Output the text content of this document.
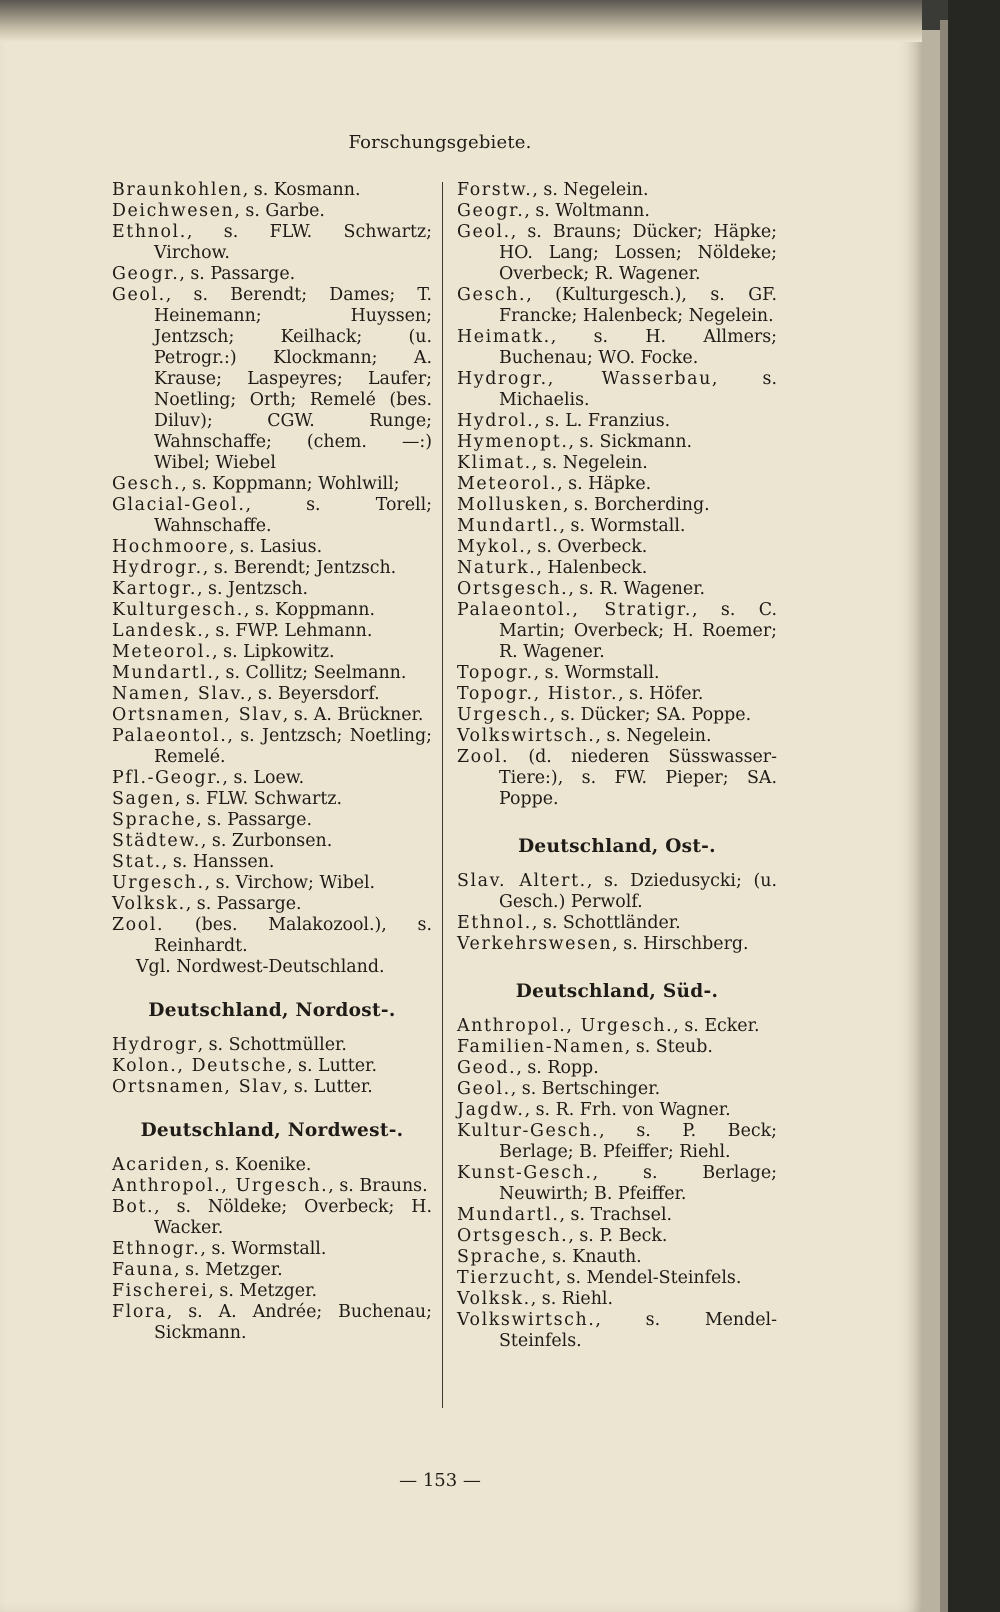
Forschungsgebiete.
Braunkohlen, s. Kosmann.
Deichwesen, s. Garbe.
Ethnol., s. FLW. Schwartz; Virchow.
Geogr., s. Passarge.
Geol., s. Berendt; Dames; T. Heinemann; Huyssen; Jentzsch; Keilhack; (u. Petrogr.:) Klockmann; A. Krause; Laspeyres; Laufer; Noetling; Orth; Remelé (bes. Diluv); CGW. Runge; Wahnschaffe; (chem. —:) Wibel; Wiebel
Gesch., s. Koppmann; Wohlwill;
Glacial-Geol., s. Torell; Wahnschaffe.
Hochmoore, s. Lasius.
Hydrogr., s. Berendt; Jentzsch.
Kartogr., s. Jentzsch.
Kulturgesch., s. Koppmann.
Landesk., s. FWP. Lehmann.
Meteorol., s. Lipkowitz.
Mundartl., s. Collitz; Seelmann.
Namen, Slav., s. Beyersdorf.
Ortsnamen, Slav, s. A. Brückner.
Palaeontol., s. Jentzsch; Noetling; Remelé.
Pfl.-Geogr., s. Loew.
Sagen, s. FLW. Schwartz.
Sprache, s. Passarge.
Städtew., s. Zurbonsen.
Stat., s. Hanssen.
Urgesch., s. Virchow; Wibel.
Volksk., s. Passarge.
Zool. (bes. Malakozool.), s. Reinhardt.
Vgl. Nordwest-Deutschland.
Deutschland, Nordost-.
Hydrogr, s. Schottmüller.
Kolon., Deutsche, s. Lutter.
Ortsnamen, Slav, s. Lutter.
Deutschland, Nordwest-.
Acariden, s. Koenike.
Anthropol., Urgesch., s. Brauns.
Bot., s. Nöldeke; Overbeck; H. Wacker.
Ethnogr., s. Wormstall.
Fauna, s. Metzger.
Fischerei, s. Metzger.
Flora, s. A. Andrée; Buchenau; Sickmann.
Forstw., s. Negelein.
Geogr., s. Woltmann.
Geol., s. Brauns; Dücker; Häpke; HO. Lang; Lossen; Nöldeke; Overbeck; R. Wagener.
Gesch., (Kulturgesch.), s. GF. Francke; Halenbeck; Negelein.
Heimatk., s. H. Allmers; Buchenau; WO. Focke.
Hydrogr., Wasserbau, s. Michaelis.
Hydrol., s. L. Franzius.
Hymenopt., s. Sickmann.
Klimat., s. Negelein.
Meteorol., s. Häpke.
Mollusken, s. Borcherding.
Mundartl., s. Wormstall.
Mykol., s. Overbeck.
Naturk., Halenbeck.
Ortsgesch., s. R. Wagener.
Palaeontol., Stratigr., s. C. Martin; Overbeck; H. Roemer; R. Wagener.
Topogr., s. Wormstall.
Topogr., Histor., s. Höfer.
Urgesch., s. Dücker; SA. Poppe.
Volkswirtsch., s. Negelein.
Zool. (d. niederen Süsswasser-Tiere:), s. FW. Pieper; SA. Poppe.
Deutschland, Ost-.
Slav. Altert., s. Dziedusycki; (u. Gesch.) Perwolf.
Ethnol., s. Schottländer.
Verkehrswesen, s. Hirschberg.
Deutschland, Süd-.
Anthropol., Urgesch., s. Ecker.
Familien-Namen, s. Steub.
Geod., s. Ropp.
Geol., s. Bertschinger.
Jagdw., s. R. Frh. von Wagner.
Kultur-Gesch., s. P. Beck; Berlage; B. Pfeiffer; Riehl.
Kunst-Gesch., s. Berlage; Neuwirth; B. Pfeiffer.
Mundartl., s. Trachsel.
Ortsgesch., s. P. Beck.
Sprache, s. Knauth.
Tierzucht, s. Mendel-Steinfels.
Volksk., s. Riehl.
Volkswirtsch., s. Mendel-Steinfels.
— 153 —
